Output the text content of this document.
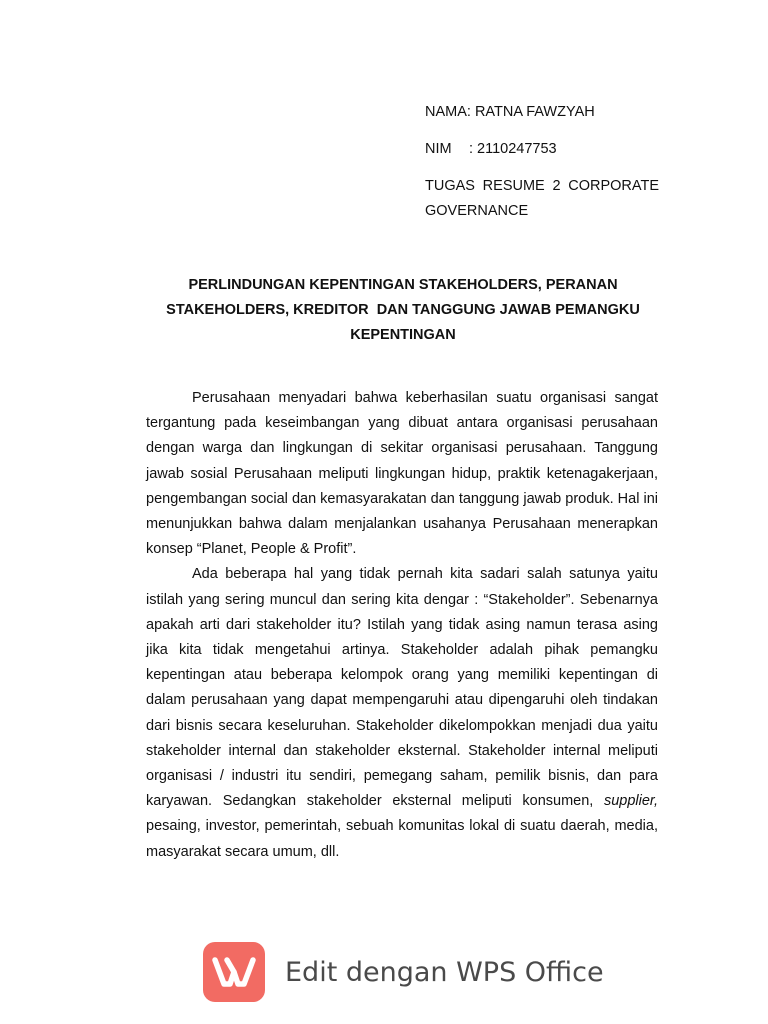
NAMA: RATNA FAWZYAH
NIM : 2110247753
TUGAS RESUME 2 CORPORATE GOVERNANCE
PERLINDUNGAN KEPENTINGAN STAKEHOLDERS, PERANAN
STAKEHOLDERS, KREDITOR  DAN TANGGUNG JAWAB PEMANGKU
KEPENTINGAN

Perusahaan menyadari bahwa keberhasilan suatu organisasi sangat tergantung pada keseimbangan yang dibuat antara organisasi perusahaan dengan warga dan lingkungan di sekitar organisasi perusahaan. Tanggung jawab sosial Perusahaan meliputi lingkungan hidup, praktik ketenagakerjaan, pengembangan social dan kemasyarakatan dan tanggung jawab produk. Hal ini menunjukkan bahwa dalam menjalankan usahanya Perusahaan menerapkan konsep “Planet, People & Profit”.

Ada beberapa hal yang tidak pernah kita sadari salah satunya yaitu istilah yang sering muncul dan sering kita dengar : “Stakeholder”. Sebenarnya apakah arti dari stakeholder itu? Istilah yang tidak asing namun terasa asing jika kita tidak mengetahui artinya. Stakeholder adalah pihak pemangku kepentingan atau beberapa kelompok orang yang memiliki kepentingan di dalam perusahaan yang dapat mempengaruhi atau dipengaruhi oleh tindakan dari bisnis secara keseluruhan. Stakeholder dikelompokkan menjadi dua yaitu stakeholder internal dan stakeholder eksternal. Stakeholder internal meliputi organisasi / industri itu sendiri, pemegang saham, pemilik bisnis, dan para karyawan. Sedangkan stakeholder eksternal meliputi konsumen, supplier, pesaing, investor, pemerintah, sebuah komunitas lokal di suatu daerah, media, masyarakat secara umum, dll.

Edit dengan WPS Office
